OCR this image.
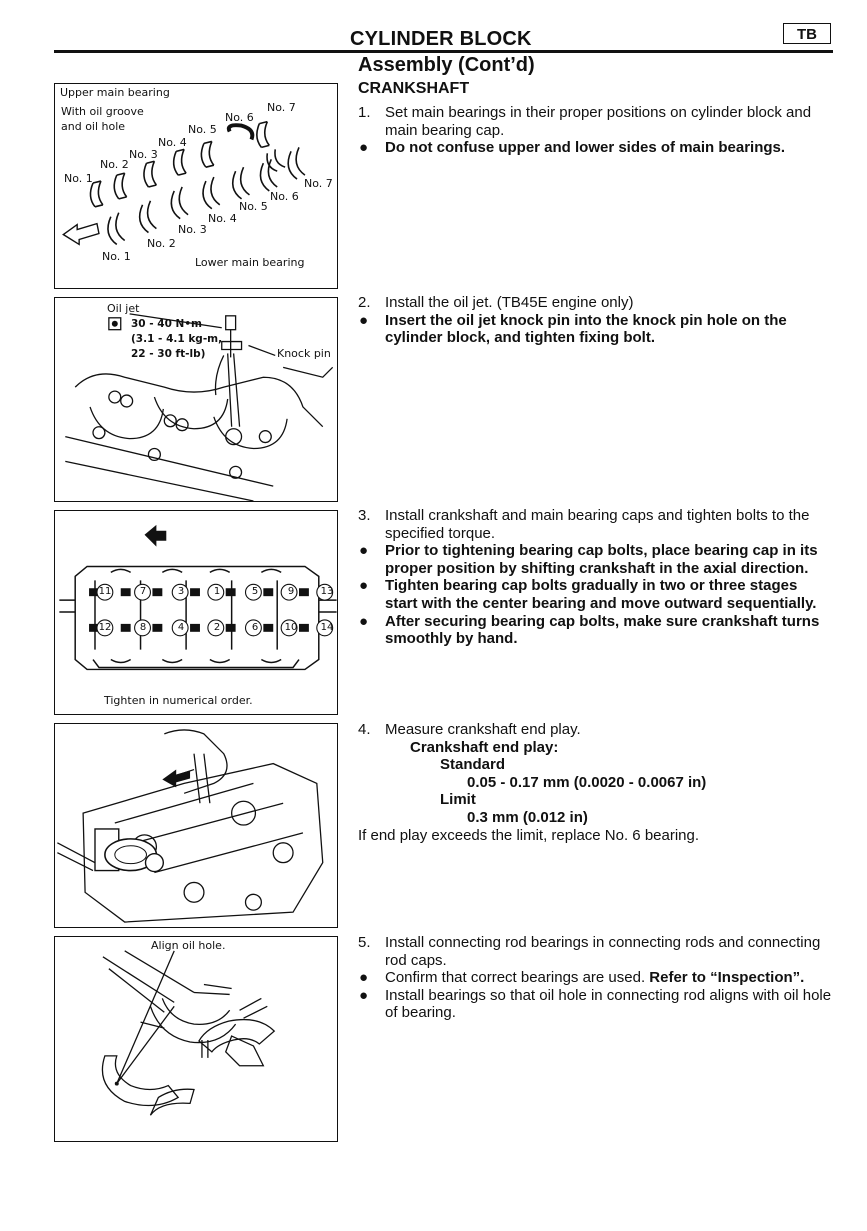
CYLINDER BLOCK	TB
Assembly (Cont’d)
CRANKSHAFT
Upper main bearing
With oil groove
and oil hole
No. 1
No. 2
No. 3
No. 4
No. 5
No. 6
No. 7
No. 1
No. 2
No. 3
No. 4
No. 5
No. 6
No. 7
Lower main bearing
Oil jet
30 - 40 N•m
(3.1 - 4.1 kg-m,
22 - 30 ft-lb)	Knock pin
11	7	3	1	5	9	13
12	8	4	2	6	10 14
Tighten in numerical order.
Align oil hole.
1. Set main bearings in their proper positions on cylinder block and main bearing cap.
● Do not confuse upper and lower sides of main bearings.
2. Install the oil jet. (TB45E engine only)
● Insert the oil jet knock pin into the knock pin hole on the cylinder block, and tighten fixing bolt.
3. Install crankshaft and main bearing caps and tighten bolts to the specified torque.
● Prior to tightening bearing cap bolts, place bearing cap in its proper position by shifting crankshaft in the axial direction.
● Tighten bearing cap bolts gradually in two or three stages start with the center bearing and move outward sequentially.
● After securing bearing cap bolts, make sure crankshaft turns smoothly by hand.
4. Measure crankshaft end play.
Crankshaft end play:
Standard
0.05 - 0.17 mm (0.0020 - 0.0067 in)
Limit
0.3 mm (0.012 in)
If end play exceeds the limit, replace No. 6 bearing.
5. Install connecting rod bearings in connecting rods and connecting rod caps.
● Confirm that correct bearings are used. Refer to “Inspection”.
● Install bearings so that oil hole in connecting rod aligns with oil hole of bearing.
